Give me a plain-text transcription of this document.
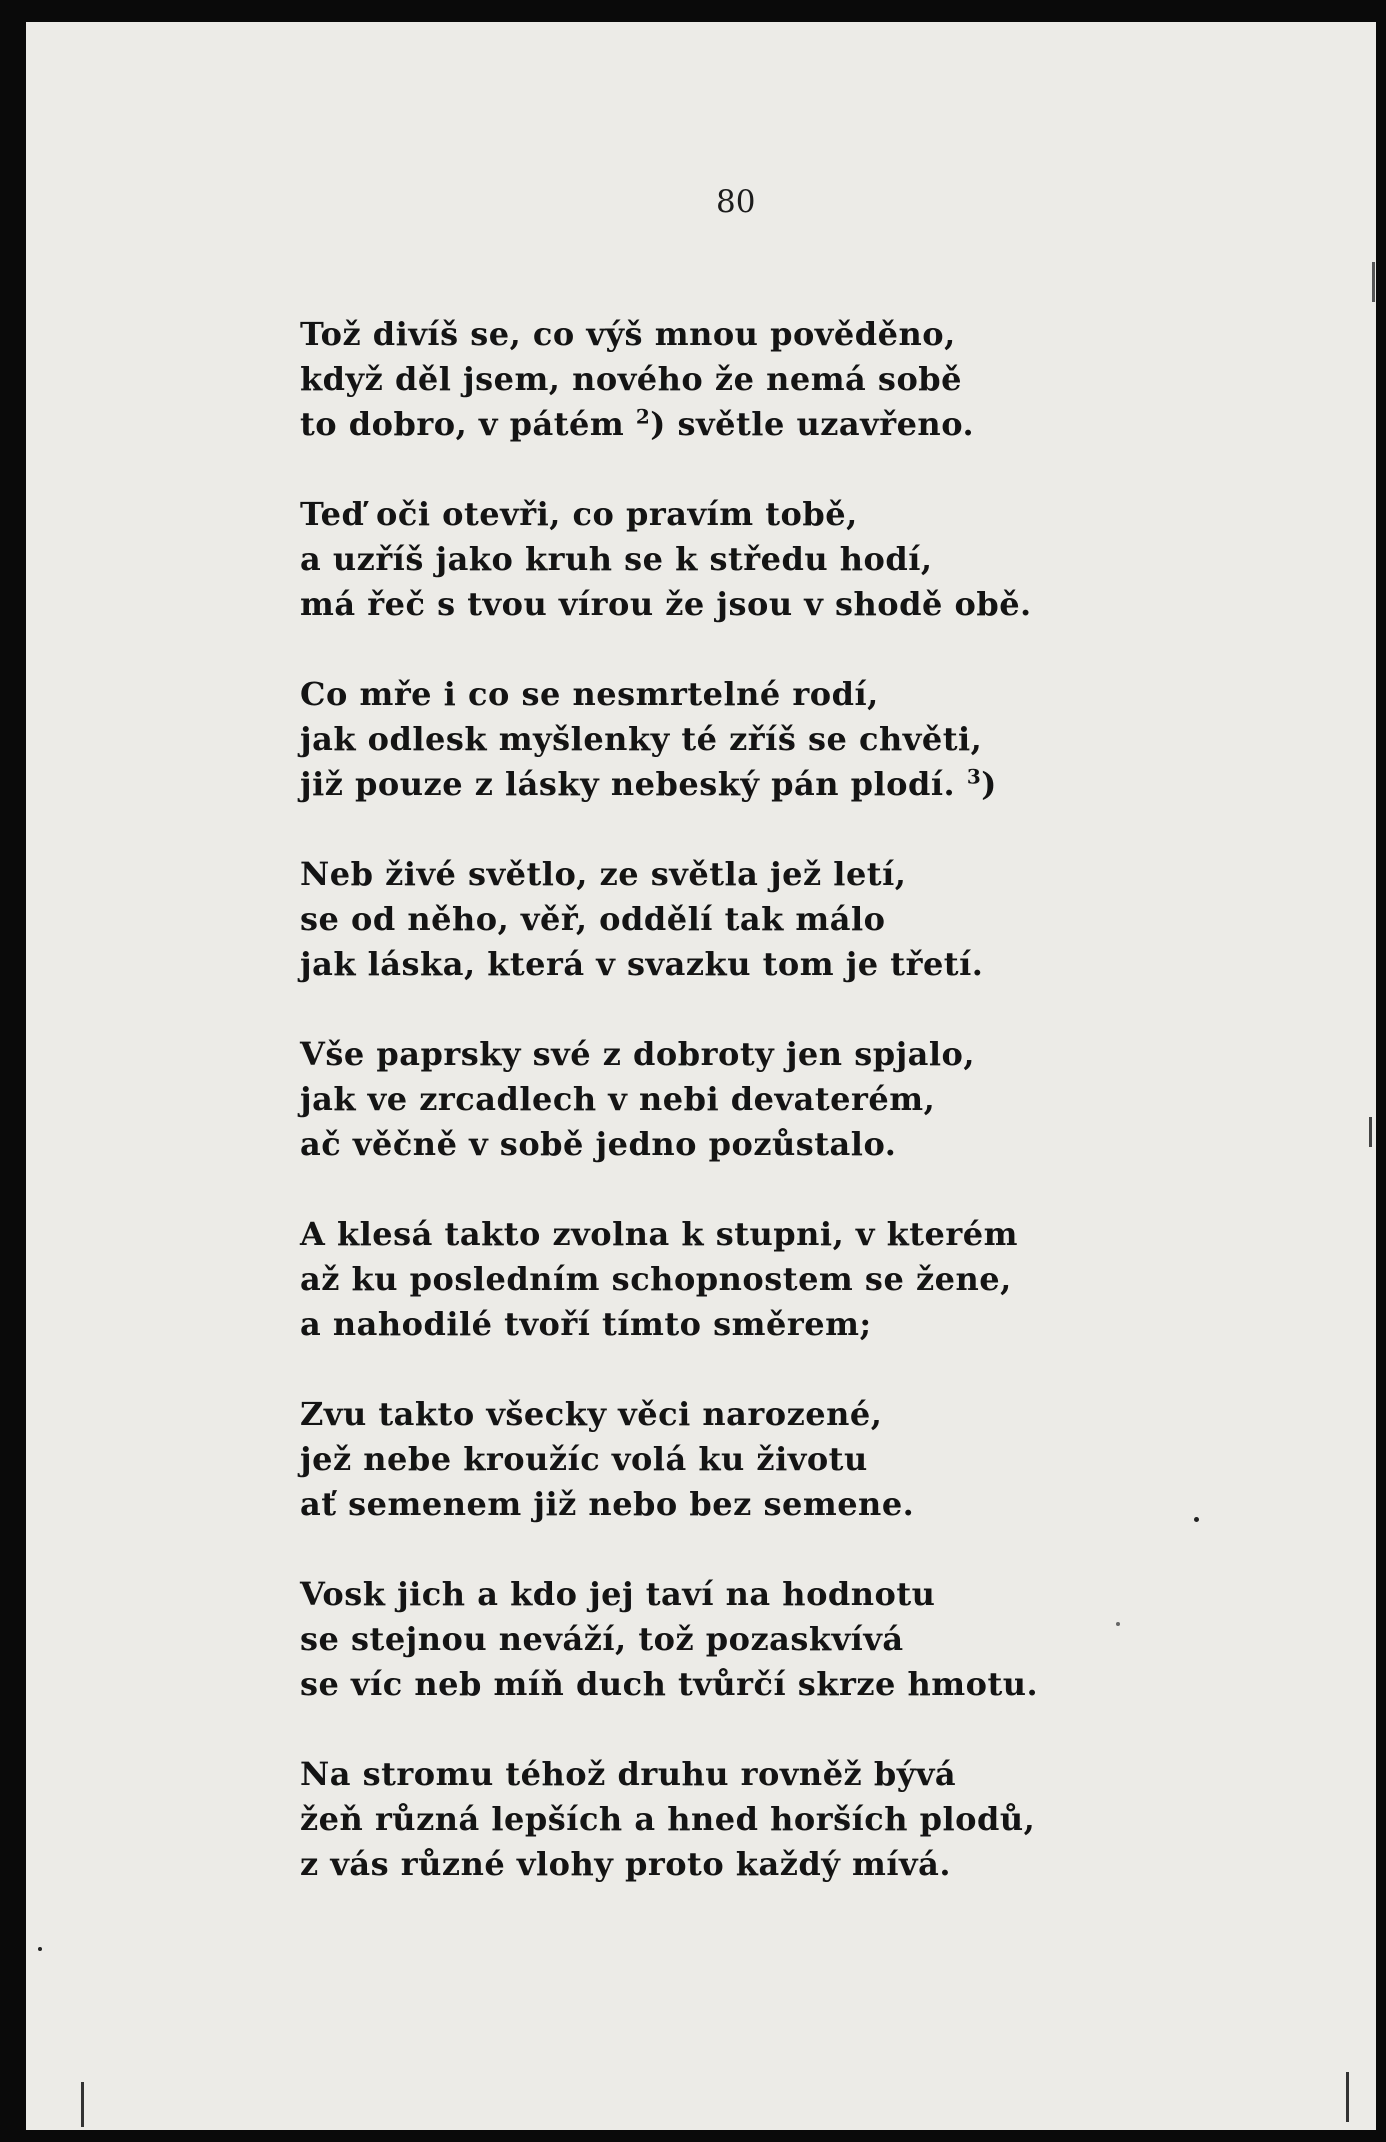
80
Tož divíš se, co výš mnou pověděno,
když děl jsem, nového že nemá sobě
to dobro, v pátém $^2$) světle uzavřeno.
Teď oči otevři, co pravím tobě,
a uzříš jako kruh se k středu hodí,
má řeč s tvou vírou že jsou v shodě obě.
Co mře i co se nesmrtelné rodí,
jak odlesk myšlenky té zříš se chvěti,
již pouze z lásky nebeský pán plodí. $^3$)
Neb živé světlo, ze světla jež letí,
se od něho, věř, oddělí tak málo
jak láska, která v svazku tom je třetí.
Vše paprsky své z dobroty jen spjalo,
jak ve zrcadlech v nebi devaterém,
ač věčně v sobě jedno pozůstalo.
A klesá takto zvolna k stupni, v kterém
až ku posledním schopnostem se žene,
a nahodilé tvoří tímto směrem;
Zvu takto všecky věci narozené,
jež nebe kroužíc volá ku životu
ať semenem již nebo bez semene.
Vosk jich a kdo jej taví na hodnotu
se stejnou neváží, tož pozaskvívá
se víc neb míň duch tvůrčí skrze hmotu.
Na stromu téhož druhu rovněž bývá
žeň různá lepších a hned horších plodů,
z vás různé vlohy proto každý mívá.
